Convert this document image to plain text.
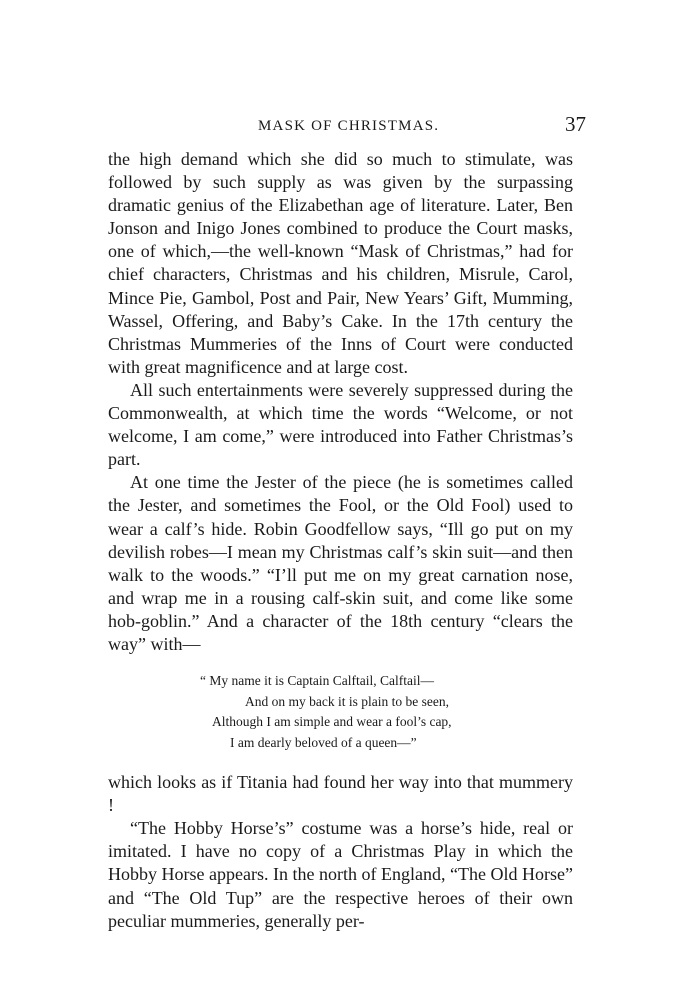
MASK OF CHRISTMAS.	37

the high demand which she did so much to stimulate, was followed by such supply as was given by the surpassing dramatic genius of the Elizabethan age of literature. Later, Ben Jonson and Inigo Jones combined to produce the Court masks, one of which,—the well-known “Mask of Christmas,” had for chief characters, Christmas and his children, Misrule, Carol, Mince Pie, Gambol, Post and Pair, New Years’ Gift, Mumming, Wassel, Offering, and Baby’s Cake. In the 17th century the Christmas Mummeries of the Inns of Court were conducted with great magnificence and at large cost.

All such entertainments were severely suppressed during the Commonwealth, at which time the words “Welcome, or not welcome, I am come,” were introduced into Father Christmas’s part.

At one time the Jester of the piece (he is sometimes called the Jester, and sometimes the Fool, or the Old Fool) used to wear a calf’s hide. Robin Goodfellow says, “Ill go put on my devilish robes—I mean my Christmas calf’s skin suit—and then walk to the woods.” “I’ll put me on my great carnation nose, and wrap me in a rousing calf-skin suit, and come like some hob-goblin.” And a character of the 18th century “clears the way” with—

“ My name it is Captain Calftail, Calftail—
And on my back it is plain to be seen,
Although I am simple and wear a fool’s cap,
I am dearly beloved of a queen—”

which looks as if Titania had found her way into that mummery !

“The Hobby Horse’s” costume was a horse’s hide, real or imitated. I have no copy of a Christmas Play in which the Hobby Horse appears. In the north of England, “The Old Horse” and “The Old Tup” are the respective heroes of their own peculiar mummeries, generally per-
